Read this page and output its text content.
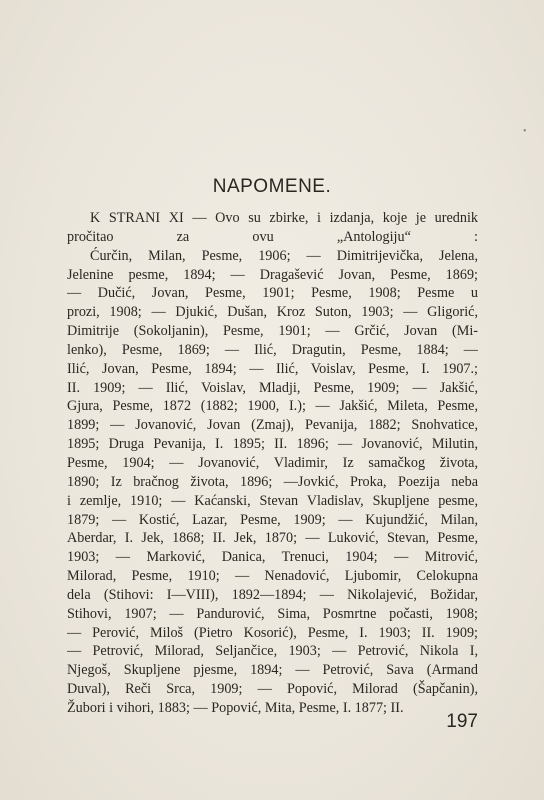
•
NAPOMENE.
K STRANI XI — Ovo su zbirke, i izdanja, koje je urednik
pročitao za ovu „Antologiju“ :
Ćurčin, Milan, Pesme, 1906; — Dimitrijevička, Jelena,
Jelenine pesme, 1894; — Dragašević Jovan, Pesme, 1869;
— Dučić, Jovan, Pesme, 1901; Pesme, 1908; Pesme u
prozi, 1908; — Djukić, Dušan, Kroz Suton, 1903; — Gligorić,
Dimitrije (Sokoljanin), Pesme, 1901; — Grčić, Jovan (Mi-
lenko), Pesme, 1869; — Ilić, Dragutin, Pesme, 1884; —
Ilić, Jovan, Pesme, 1894; — Ilić, Voislav, Pesme, I. 1907.;
II. 1909; — Ilić, Voislav, Mladji, Pesme, 1909; — Jakšić,
Gjura, Pesme, 1872 (1882; 1900, I.); — Jakšić, Mileta, Pesme,
1899; — Jovanović, Jovan (Zmaj), Pevanija, 1882; Snohvatice,
1895; Druga Pevanija, I. 1895; II. 1896; — Jovanović, Milutin,
Pesme, 1904; — Jovanović, Vladimir, Iz samačkog života,
1890; Iz bračnog života, 1896; —Jovkić, Proka, Poezija neba
i zemlje, 1910; — Kaćanski, Stevan Vladislav, Skupljene pesme,
1879; — Kostić, Lazar, Pesme, 1909; — Kujundžić, Milan,
Aberdar, I. Jek, 1868; II. Jek, 1870; — Luković, Stevan, Pesme,
1903; — Marković, Danica, Trenuci, 1904; — Mitrović,
Milorad, Pesme, 1910; — Nenadović, Ljubomir, Celokupna
dela (Stihovi: I—VIII), 1892—1894; — Nikolajević, Božidar,
Stihovi, 1907; — Pandurović, Sima, Posmrtne počasti, 1908;
— Perović, Miloš (Pietro Kosorić), Pesme, I. 1903; II. 1909;
— Petrović, Milorad, Seljančice, 1903; — Petrović, Nikola I,
Njegoš, Skupljene pjesme, 1894; — Petrović, Sava (Armand
Duval), Reči Srca, 1909; — Popović, Milorad (Šapčanin),
Žubori i vihori, 1883; — Popović, Mita, Pesme, I. 1877; II.
197
